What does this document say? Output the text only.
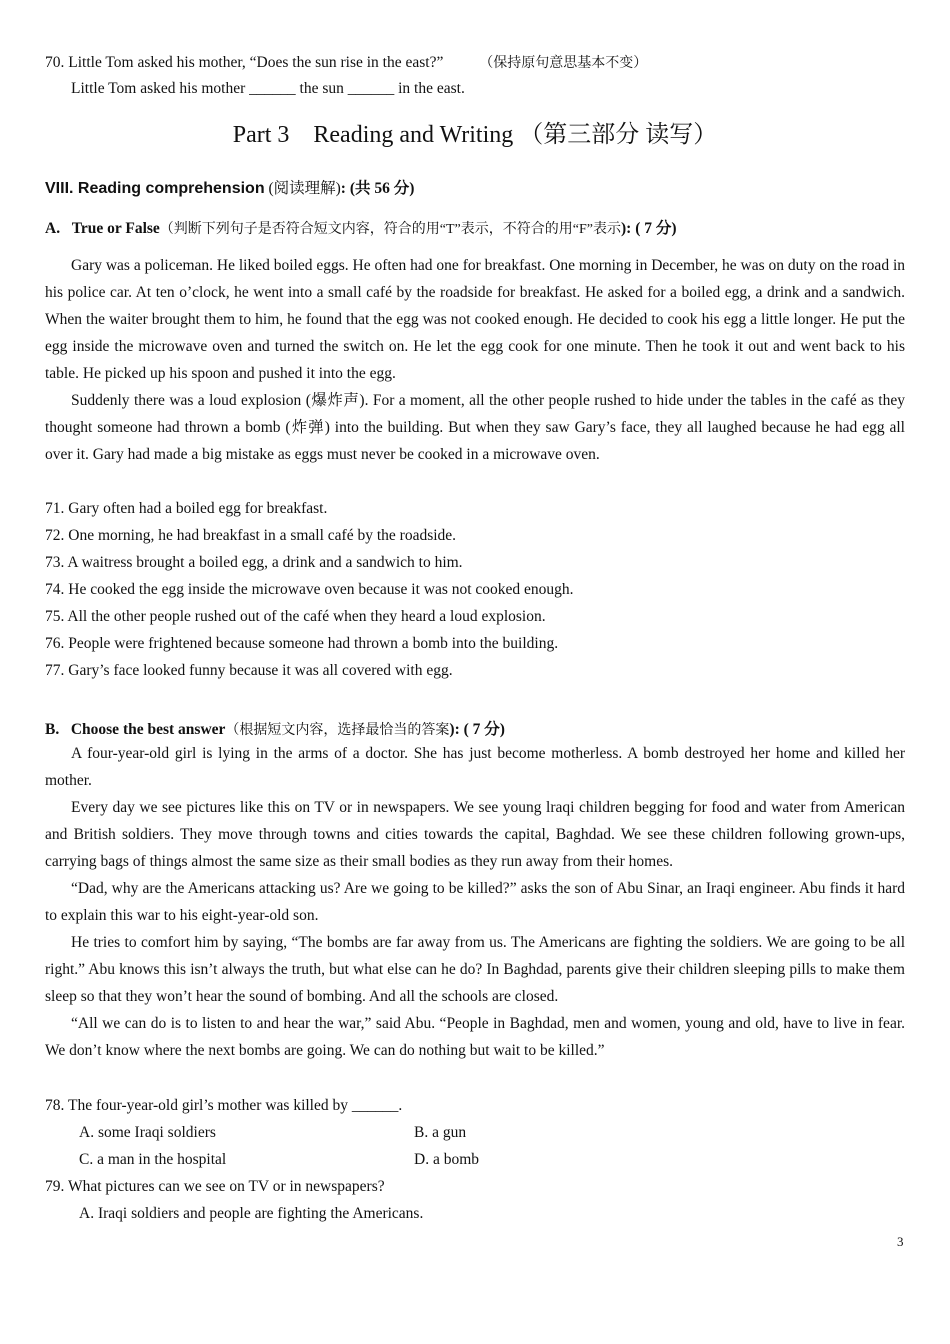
70. Little Tom asked his mother, “Does the sun rise in the east?”	（保持原句意思基本不变）
Little Tom asked his mother ______ the sun ______ in the east.
Part 3　Reading and Writing （第三部分 读写）
VIII. Reading comprehension (阅读理解): (共 56 分)
A.   True or False（判断下列句子是否符合短文内容，符合的用“T”表示，不符合的用“F”表示): ( 7 分)
Gary was a policeman. He liked boiled eggs. He often had one for breakfast. One morning in December, he was on duty on the road in his police car. At ten o’clock, he went into a small café by the roadside for breakfast. He asked for a boiled egg, a drink and a sandwich. When the waiter brought them to him, he found that the egg was not cooked enough. He decided to cook his egg a little longer. He put the egg inside the microwave oven and turned the switch on. He let the egg cook for one minute. Then he took it out and went back to his table. He picked up his spoon and pushed it into the egg.
Suddenly there was a loud explosion (爆炸声). For a moment, all the other people rushed to hide under the tables in the café as they thought someone had thrown a bomb (炸弹) into the building. But when they saw Gary’s face, they all laughed because he had egg all over it. Gary had made a big mistake as eggs must never be cooked in a microwave oven.
71. Gary often had a boiled egg for breakfast.
72. One morning, he had breakfast in a small café by the roadside.
73. A waitress brought a boiled egg, a drink and a sandwich to him.
74. He cooked the egg inside the microwave oven because it was not cooked enough.
75. All the other people rushed out of the café when they heard a loud explosion.
76. People were frightened because someone had thrown a bomb into the building.
77. Gary’s face looked funny because it was all covered with egg.
B.   Choose the best answer（根据短文内容，选择最恰当的答案): ( 7 分)
A four-year-old girl is lying in the arms of a doctor. She has just become motherless. A bomb destroyed her home and killed her mother.
Every day we see pictures like this on TV or in newspapers. We see young lraqi children begging for food and water from American and British soldiers. They move through towns and cities towards the capital, Baghdad. We see these children following grown-ups, carrying bags of things almost the same size as their small bodies as they run away from their homes.
“Dad, why are the Americans attacking us? Are we going to be killed?” asks the son of Abu Sinar, an Iraqi engineer. Abu finds it hard to explain this war to his eight-year-old son.
He tries to comfort him by saying, “The bombs are far away from us. The Americans are fighting the soldiers. We are going to be all right.” Abu knows this isn’t always the truth, but what else can he do? In Baghdad, parents give their children sleeping pills to make them sleep so that they won’t hear the sound of bombing. And all the schools are closed.
“All we can do is to listen to and hear the war,” said Abu. “People in Baghdad, men and women, young and old, have to live in fear. We don’t know where the next bombs are going. We can do nothing but wait to be killed.”
78. The four-year-old girl’s mother was killed by ______.
A. some Iraqi soldiers	B. a gun
C. a man in the hospital	D. a bomb
79. What pictures can we see on TV or in newspapers?
A. Iraqi soldiers and people are fighting the Americans.
3
